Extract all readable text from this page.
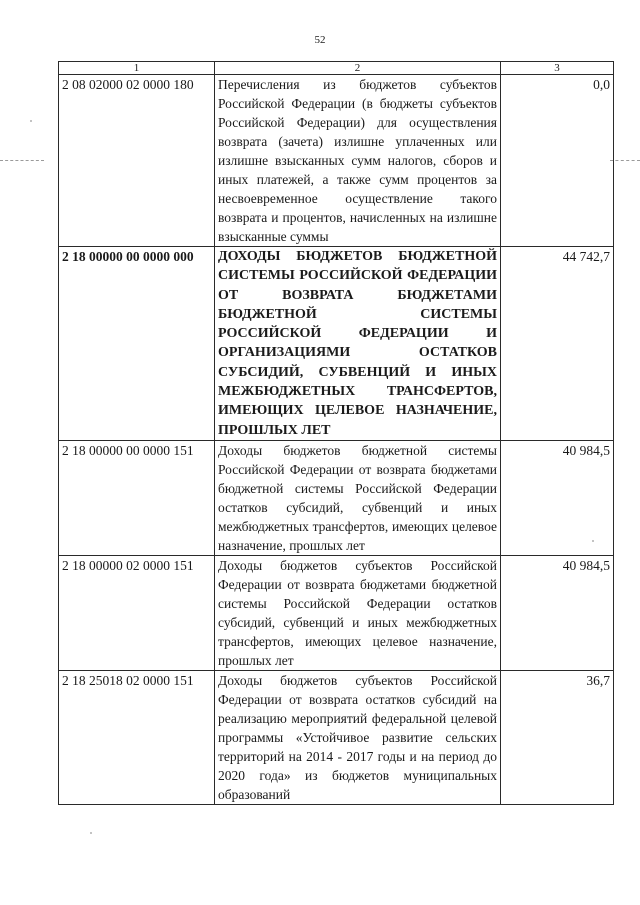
52
1	2	3
2 08 02000 02 0000 180	Перечисления из бюджетов субъектов Российской Федерации (в бюджеты субъектов Российской Федерации) для осуществления возврата (зачета) излишне уплаченных или излишне взысканных сумм налогов, сборов и иных платежей, а также сумм процентов за несвоевременное осуществление такого возврата и процентов, начисленных на излишне взысканные суммы	0,0
2 18 00000 00 0000 000	ДОХОДЫ БЮДЖЕТОВ БЮДЖЕТНОЙ СИСТЕМЫ РОССИЙСКОЙ ФЕДЕРАЦИИ ОТ ВОЗВРАТА БЮДЖЕТАМИ БЮДЖЕТНОЙ СИСТЕМЫ РОССИЙСКОЙ ФЕДЕРАЦИИ И ОРГАНИЗАЦИЯМИ ОСТАТКОВ СУБСИДИЙ, СУБВЕНЦИЙ И ИНЫХ МЕЖБЮДЖЕТНЫХ ТРАНСФЕРТОВ, ИМЕЮЩИХ ЦЕЛЕВОЕ НАЗНАЧЕНИЕ, ПРОШЛЫХ ЛЕТ	44 742,7
2 18 00000 00 0000 151	Доходы бюджетов бюджетной системы Российской Федерации от возврата бюджетами бюджетной системы Российской Федерации остатков субсидий, субвенций и иных межбюджетных трансфертов, имеющих целевое назначение, прошлых лет	40 984,5
2 18 00000 02 0000 151	Доходы бюджетов субъектов Российской Федерации от возврата бюджетами бюджетной системы Российской Федерации остатков субсидий, субвенций и иных межбюджетных трансфертов, имеющих целевое назначение, прошлых лет	40 984,5
2 18 25018 02 0000 151	Доходы бюджетов субъектов Российской Федерации от возврата остатков субсидий на реализацию мероприятий федеральной целевой программы «Устойчивое развитие сельских территорий на 2014 - 2017 годы и на период до 2020 года» из бюджетов муниципальных образований	36,7
